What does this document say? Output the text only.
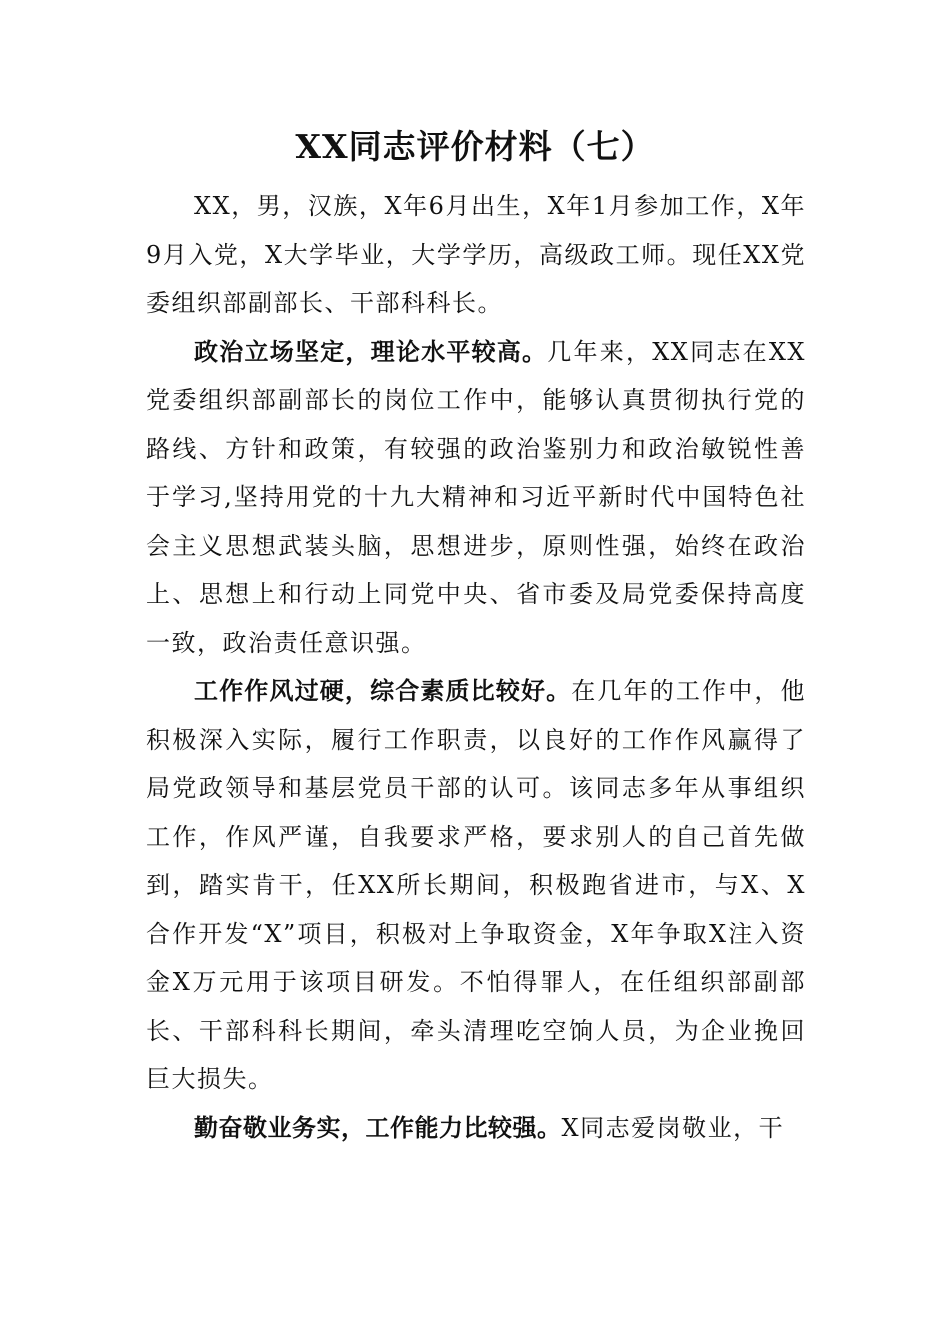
XX同志评价材料（七）

XX，男，汉族，X年6月出生，X年1月参加工作，X年9月入党，X大学毕业，大学学历，高级政工师。现任XX党委组织部副部长、干部科科长。

政治立场坚定，理论水平较高。几年来，XX同志在XX党委组织部副部长的岗位工作中，能够认真贯彻执行党的路线、方针和政策，有较强的政治鉴别力和政治敏锐性善于学习,坚持用党的十九大精神和习近平新时代中国特色社会主义思想武装头脑，思想进步，原则性强，始终在政治上、思想上和行动上同党中央、省市委及局党委保持高度一致，政治责任意识强。

工作作风过硬，综合素质比较好。在几年的工作中，他积极深入实际，履行工作职责，以良好的工作作风赢得了局党政领导和基层党员干部的认可。该同志多年从事组织工作，作风严谨，自我要求严格，要求别人的自己首先做到，踏实肯干，任XX所长期间，积极跑省进市，与X、X合作开发“X”项目，积极对上争取资金，X年争取X注入资金X万元用于该项目研发。不怕得罪人，在任组织部副部长、干部科科长期间，牵头清理吃空饷人员，为企业挽回巨大损失。

勤奋敬业务实，工作能力比较强。X同志爱岗敬业，干
